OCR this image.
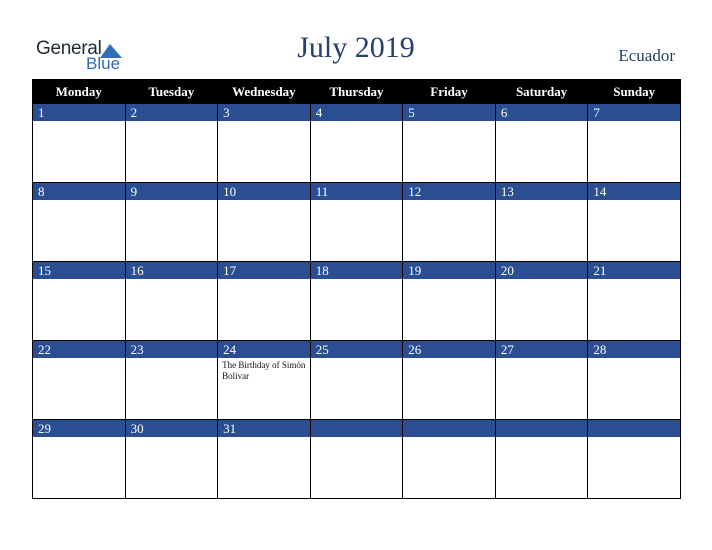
General
Blue	July 2019	Ecuador
Monday	Tuesday	Wednesday	Thursday	Friday	Saturday	Sunday
1	2	3	4	5	6	7

8	9	10	11	12	13	14

15	16	17	18	19	20	21

22	23	24	25	26	27	28
		The Birthday of Simón Bolívar				
29	30	31				
